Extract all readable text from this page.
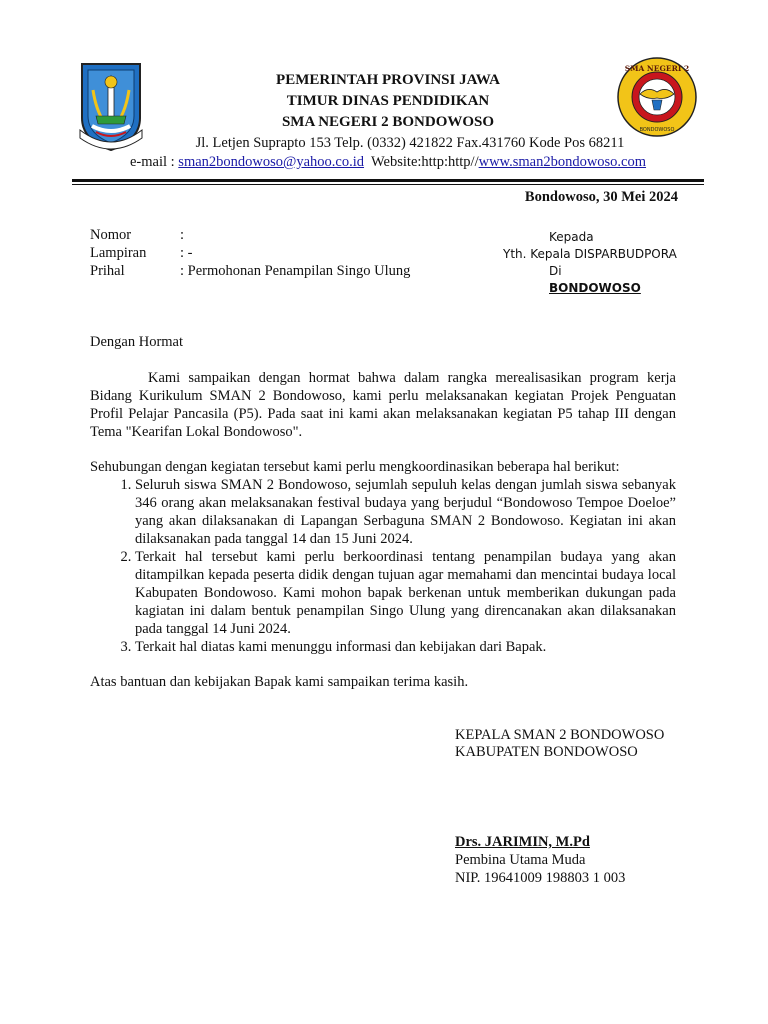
SMA NEGERI 2
BONDOWOSO
PEMERINTAH PROVINSI JAWA
TIMUR DINAS PENDIDIKAN
SMA NEGERI 2 BONDOWOSO
Jl. Letjen Suprapto 153 Telp. (0332) 421822 Fax.431760 Kode Pos 68211
e-mail : sman2bondowoso@yahoo.co.id Website:http:http//www.sman2bondowoso.com
Bondowoso, 30 Mei 2024
Nomor	:
Lampiran : -
Prihal	: Permohonan Penampilan Singo Ulung
Kepada
Yth. Kepala DISPARBUDPORA
Di
BONDOWOSO
Dengan Hormat
Kami sampaikan dengan hormat bahwa dalam rangka merealisasikan program kerja Bidang Kurikulum SMAN 2 Bondowoso, kami perlu melaksanakan kegiatan Projek Penguatan Profil Pelajar Pancasila (P5). Pada saat ini kami akan melaksanakan kegiatan P5 tahap III dengan Tema "Kearifan Lokal Bondowoso".
Sehubungan dengan kegiatan tersebut kami perlu mengkoordinasikan beberapa hal berikut:
1. Seluruh siswa SMAN 2 Bondowoso, sejumlah sepuluh kelas dengan jumlah siswa sebanyak 346 orang akan melaksanakan festival budaya yang berjudul “Bondowoso Tempoe Doeloe” yang akan dilaksanakan di Lapangan Serbaguna SMAN 2 Bondowoso. Kegiatan ini akan dilaksanakan pada tanggal 14 dan 15 Juni 2024.
2. Terkait hal tersebut kami perlu berkoordinasi tentang penampilan budaya yang akan ditampilkan kepada peserta didik dengan tujuan agar memahami dan mencintai budaya local Kabupaten Bondowoso. Kami mohon bapak berkenan untuk memberikan dukungan pada kagiatan ini dalam bentuk penampilan Singo Ulung yang direncanakan akan dilaksanakan pada tanggal 14 Juni 2024.
3. Terkait hal diatas kami menunggu informasi dan kebijakan dari Bapak.
Atas bantuan dan kebijakan Bapak kami sampaikan terima kasih.
KEPALA SMAN 2 BONDOWOSO
KABUPATEN BONDOWOSO
Drs. JARIMIN, M.Pd
Pembina Utama Muda
NIP. 19641009 198803 1 003
